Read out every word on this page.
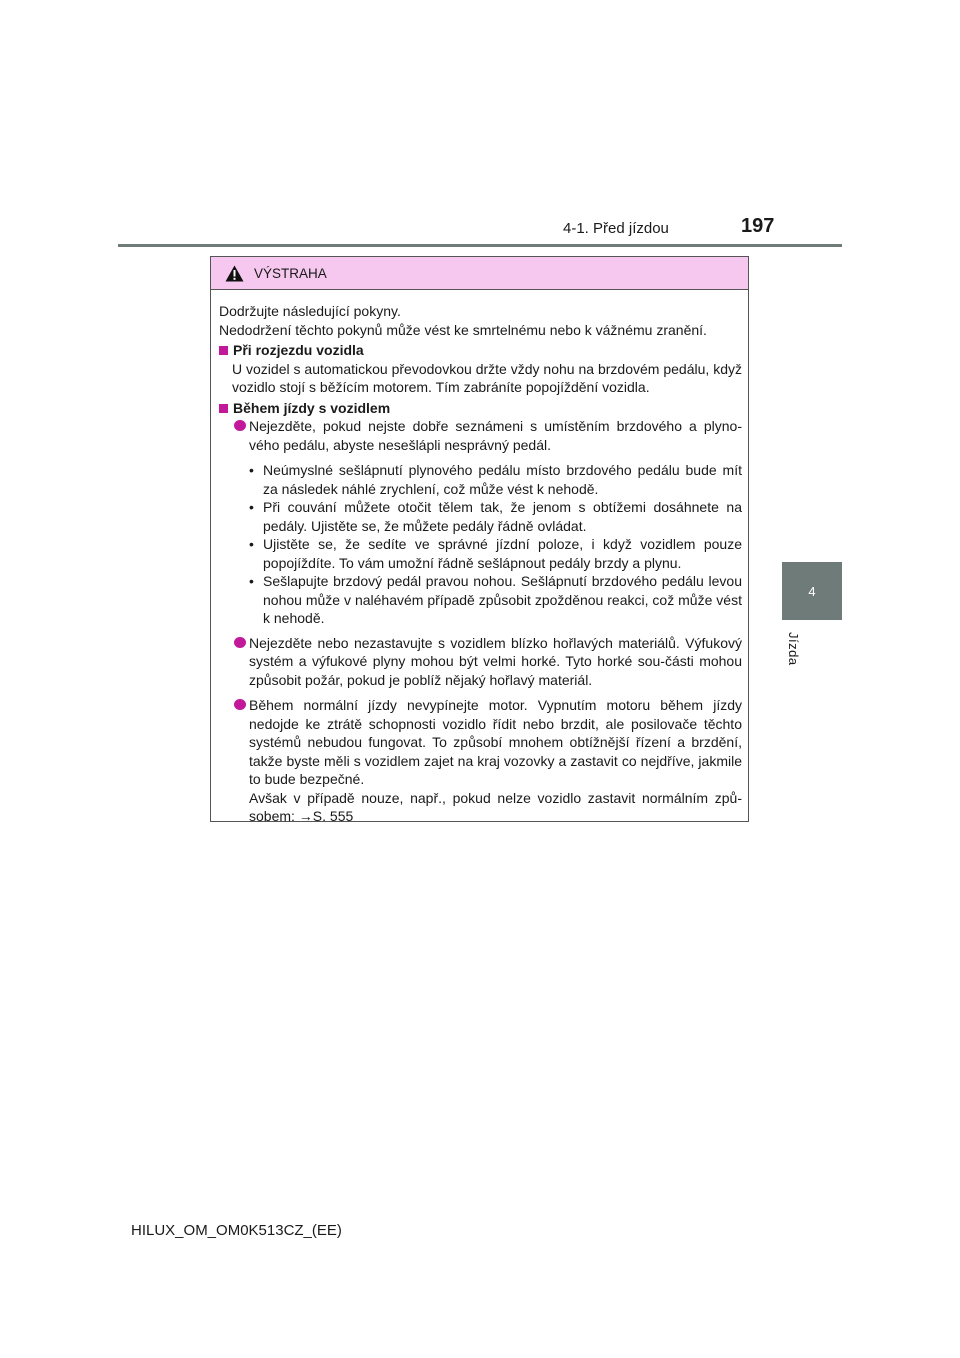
4-1. Před jízdou	197
4
Jízda
VÝSTRAHA

Dodržujte následující pokyny.

Nedodržení těchto pokynů může vést ke smrtelnému nebo k vážnému zranění.

Při rozjezdu vozidla

U vozidel s automatickou převodovkou držte vždy nohu na brzdovém pedálu, když vozidlo stojí s běžícím motorem. Tím zabráníte popojíždění vozidla.

Během jízdy s vozidlem
Nejezděte, pokud nejste dobře seznámeni s umístěním brzdového a plyno-vého pedálu, abyste nesešlápli nesprávný pedál.
• Neúmyslné sešlápnutí plynového pedálu místo brzdového pedálu bude mít za následek náhlé zrychlení, což může vést k nehodě.
• Při couvání můžete otočit tělem tak, že jenom s obtížemi dosáhnete na pedály. Ujistěte se, že můžete pedály řádně ovládat.
• Ujistěte se, že sedíte ve správné jízdní poloze, i když vozidlem pouze popojíždíte. To vám umožní řádně sešlápnout pedály brzdy a plynu.
• Sešlapujte brzdový pedál pravou nohou. Sešlápnutí brzdového pedálu levou nohou může v naléhavém případě způsobit zpožděnou reakci, což může vést k nehodě.
Nejezděte nebo nezastavujte s vozidlem blízko hořlavých materiálů. Výfukový systém a výfukové plyny mohou být velmi horké. Tyto horké sou-části mohou způsobit požár, pokud je poblíž nějaký hořlavý materiál.
Během normální jízdy nevypínejte motor. Vypnutím motoru během jízdy nedojde ke ztrátě schopnosti vozidlo řídit nebo brzdit, ale posilovače těchto systémů nebudou fungovat. To způsobí mnohem obtížnější řízení a brzdění, takže byste měli s vozidlem zajet na kraj vozovky a zastavit co nejdříve, jakmile to bude bezpečné.
Avšak v případě nouze, např., pokud nelze vozidlo zastavit normálním způ-sobem: →S. 555
HILUX_OM_OM0K513CZ_(EE)
